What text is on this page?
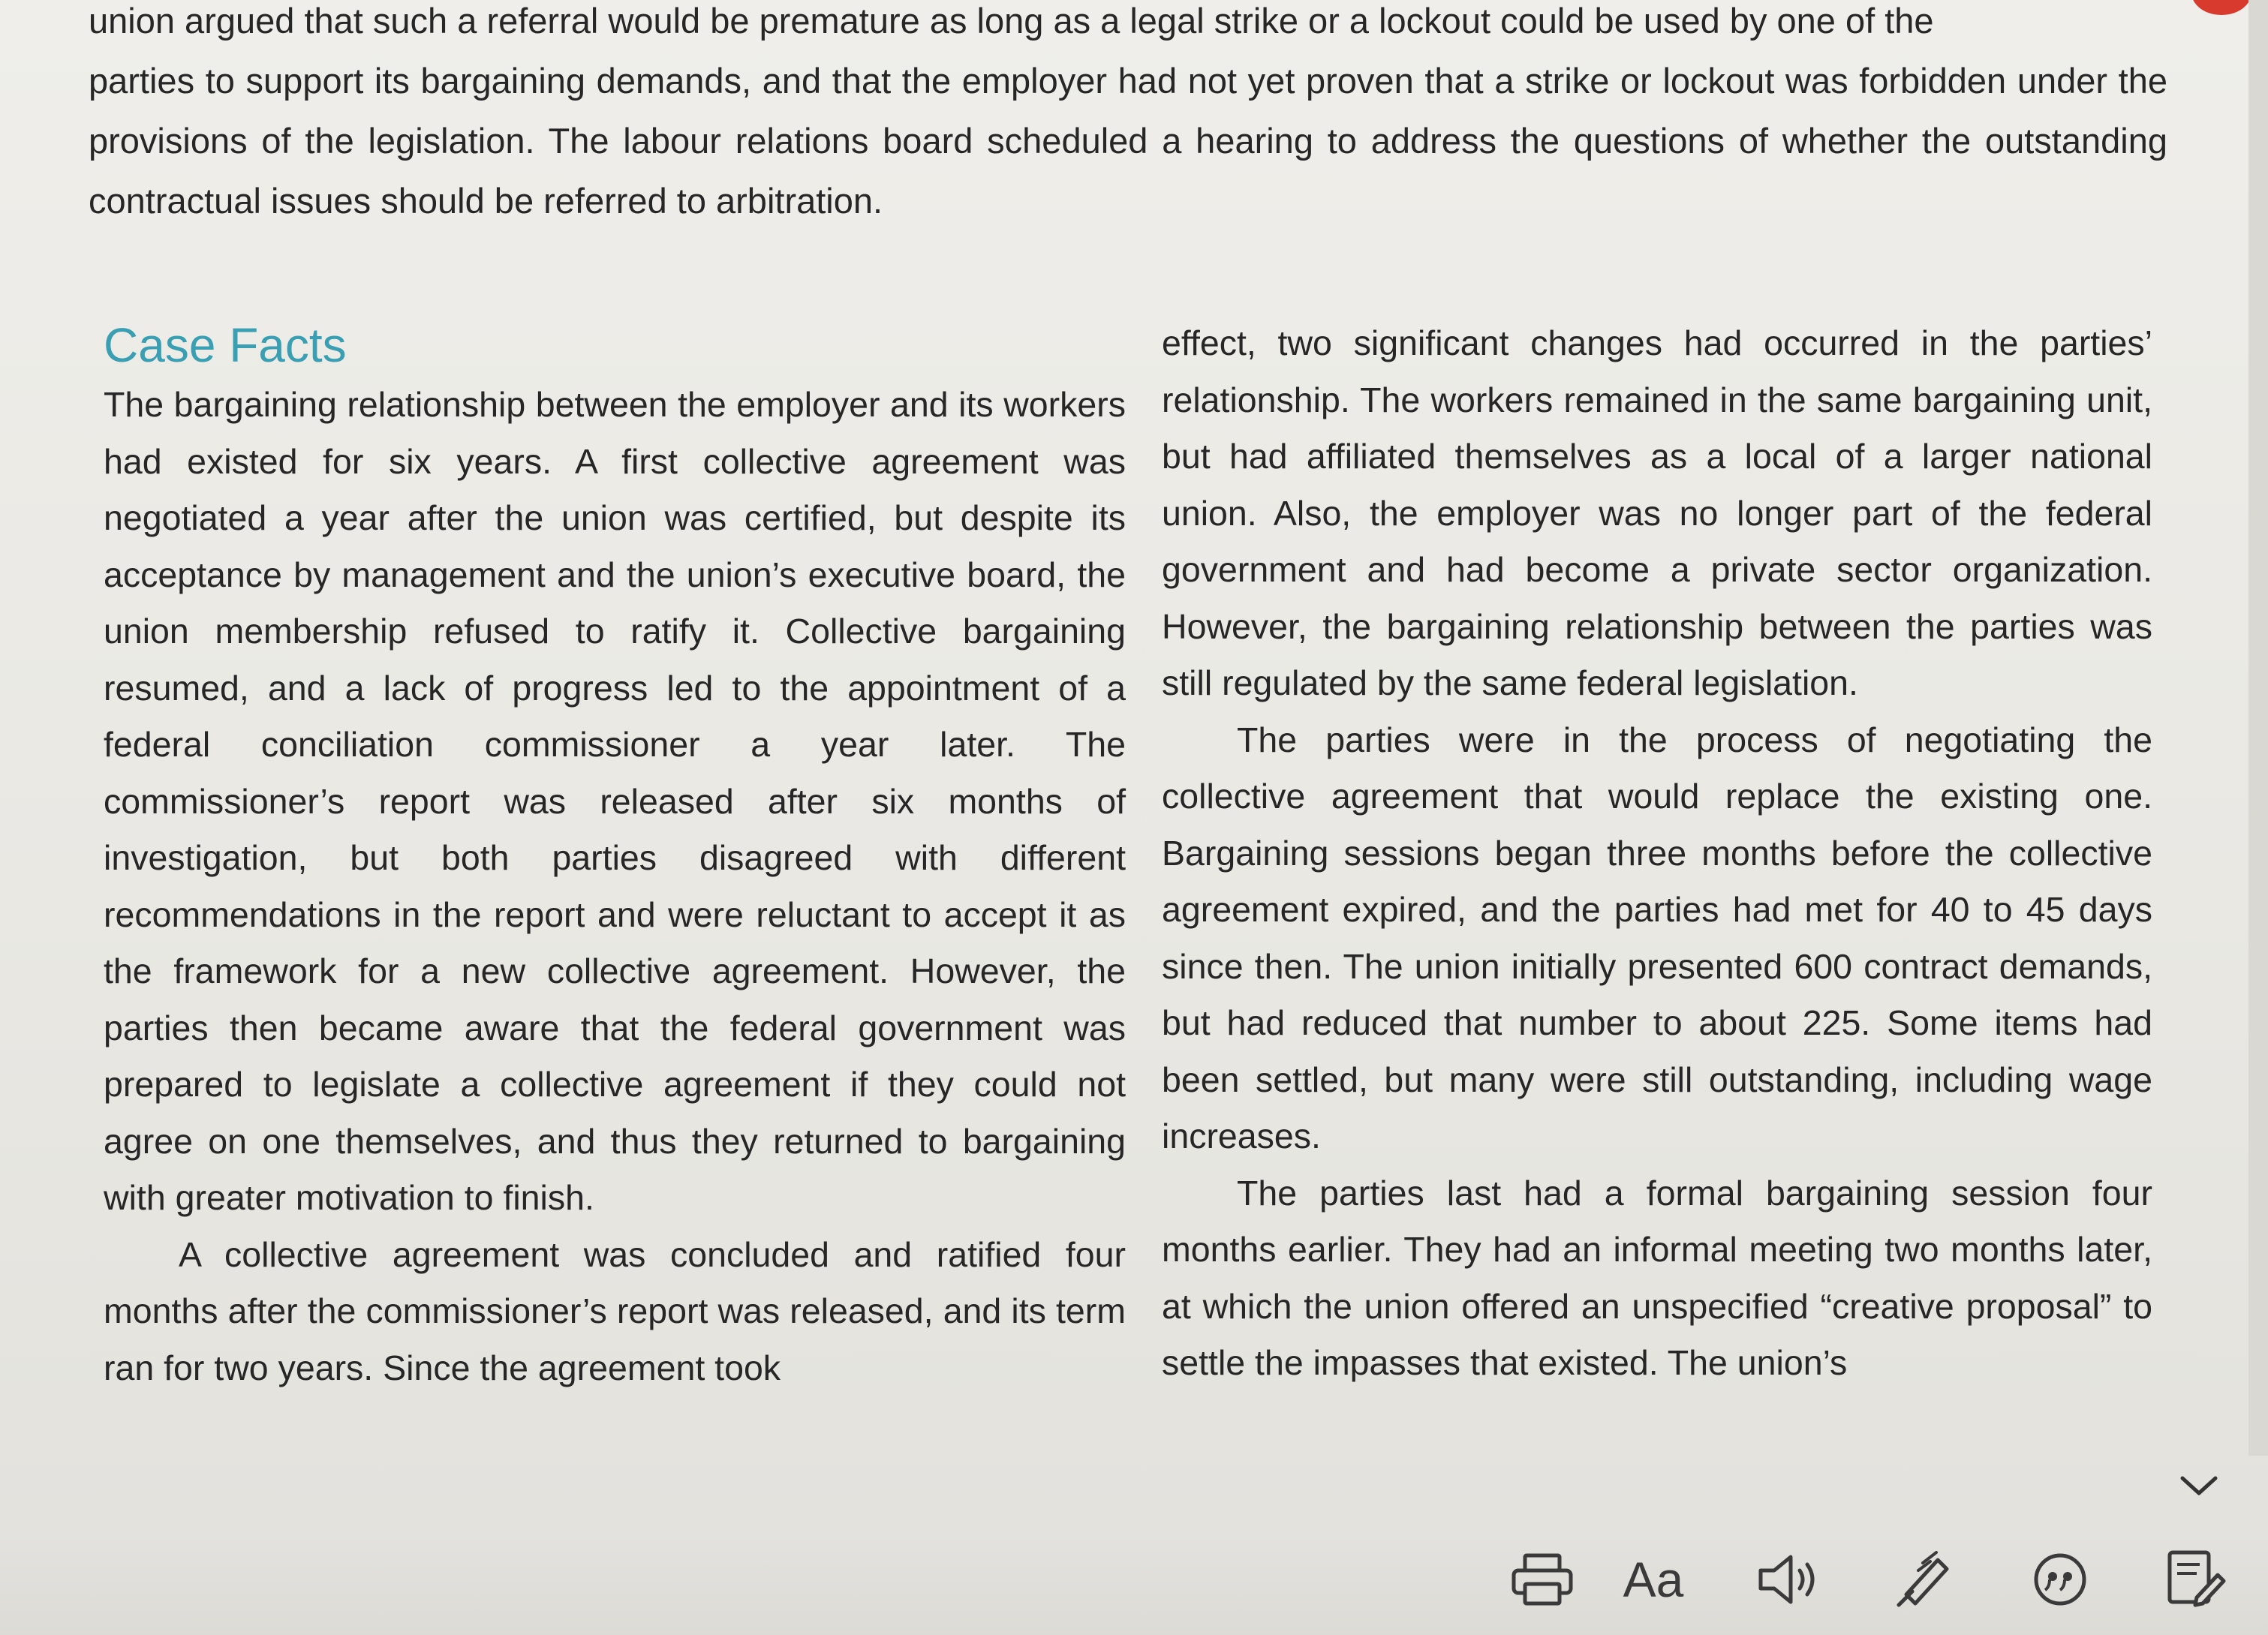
union argued that such a referral would be premature as long as a legal strike or a lockout could be used by one of the
parties to support its bargaining demands, and that the employer had not yet proven that a strike or lockout was forbidden under the provisions of the legislation. The labour relations board scheduled a hearing to address the questions of whether the outstanding contractual issues should be referred to arbitration.

Case Facts

The bargaining relationship between the employer and its workers had existed for six years. A first collective agreement was negotiated a year after the union was certified, but despite its acceptance by management and the union’s executive board, the union membership refused to ratify it. Collective bargaining resumed, and a lack of progress led to the appointment of a federal conciliation commissioner a year later. The commissioner’s report was released after six months of investigation, but both parties disagreed with different recommendations in the report and were reluctant to accept it as the framework for a new collective agreement. However, the parties then became aware that the federal government was prepared to legislate a collective agreement if they could not agree on one themselves, and thus they returned to bargaining with greater motivation to finish.

A collective agreement was concluded and ratified four months after the commissioner’s report was released, and its term ran for two years. Since the agreement took

effect, two significant changes had occurred in the parties’ relationship. The workers remained in the same bargaining unit, but had affiliated themselves as a local of a larger national union. Also, the employer was no longer part of the federal government and had become a private sector organization. However, the bargaining relationship between the parties was still regulated by the same federal legislation.

The parties were in the process of negotiating the collective agreement that would replace the existing one. Bargaining sessions began three months before the collective agreement expired, and the parties had met for 40 to 45 days since then. The union initially presented 600 contract demands, but had reduced that number to about 225. Some items had been settled, but many were still outstanding, including wage increases.

The parties last had a formal bargaining session four months earlier. They had an informal meeting two months later, at which the union offered an unspecified “creative proposal” to settle the impasses that existed. The union’s

Aa
